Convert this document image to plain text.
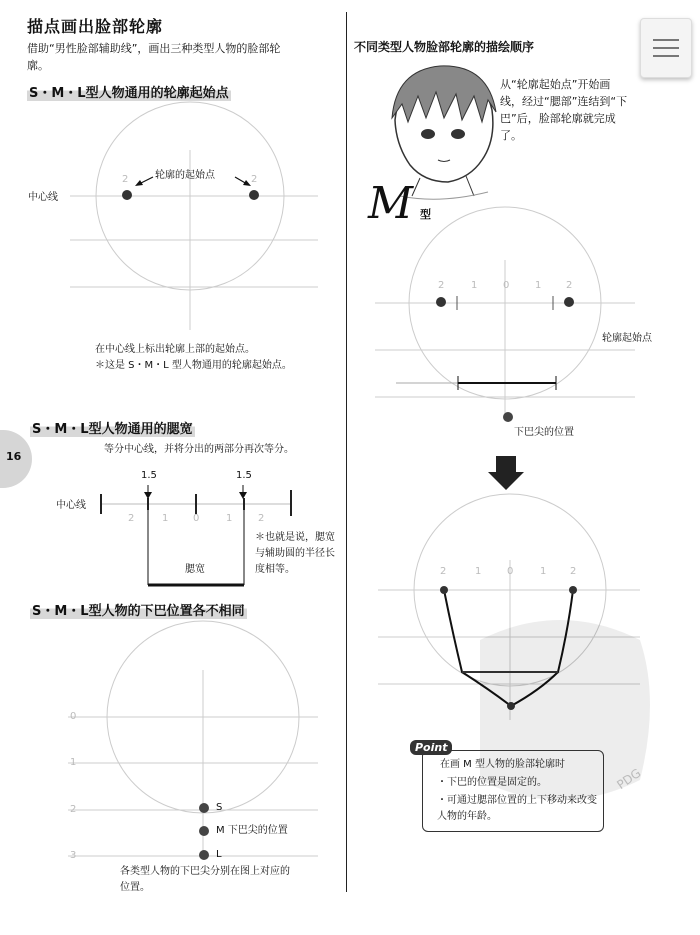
描点画出脸部轮廓
借助“男性脸部辅助线”，画出三种类型人物的脸部轮廓。
16
S・M・L型人物通用的轮廓起始点
轮廓的起始点
中心线
2	2
在中心线上标出轮廓上部的起始点。
＊这是 S・M・L 型人物通用的轮廓起始点。
S・M・L型人物通用的腮宽
等分中心线，并将分出的两部分再次等分。
中心线
1.5	1.5
2	1 0	1	2
腮宽
＊也就是说，腮宽与辅助圆的半径长度相等。
S・M・L型人物的下巴位置各不相同
0
1
2
3
S
M 下巴尖的位置
L
各类型人物的下巴尖分别在图上对应的位置。
不同类型人物脸部轮廓的描绘顺序
从“轮廓起始点”开始画线，经过“腮部”连结到“下巴”后，脸部轮廓就完成了。
M 型
2	1	0	1 2
轮廓起始点
下巴尖的位置
2	1	0	1 2
PDG
Point
在画 M 型人物的脸部轮廓时
・下巴的位置是固定的。
・可通过腮部位置的上下移动来改变人物的年龄。
